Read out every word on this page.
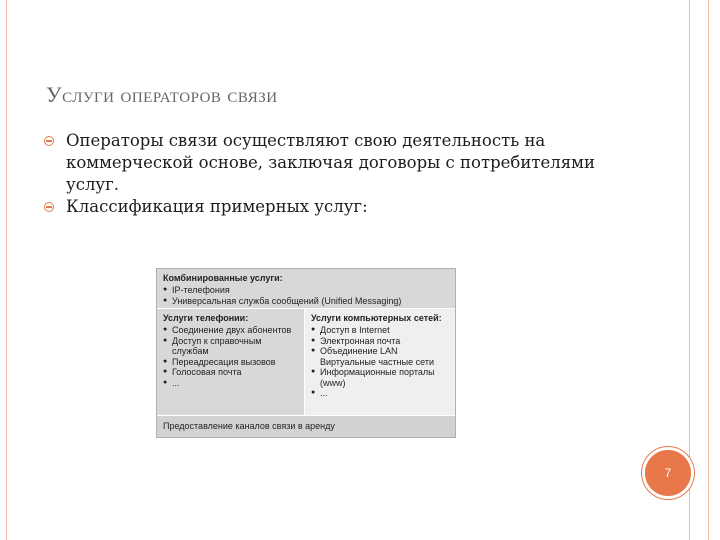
Услуги операторов связи
Операторы связи осуществляют свою деятельность на коммерческой основе, заключая договоры с потребителями услуг.
Классификация примерных услуг:
Комбинированные услуги:
● IP-телефония
● Универсальная служба сообщений (Unified Messaging)
Услуги телефонии:
● Соединение двух абонентов
● Доступ к справочным службам
● Переадресация вызовов
● Голосовая почта
● ...
Услуги компьютерных сетей:
● Доступ в Internet
● Электронная почта
● Объединение LAN Виртуальные частные сети
● Информационные порталы (www)
● ...
Предоставление каналов связи в аренду
7
